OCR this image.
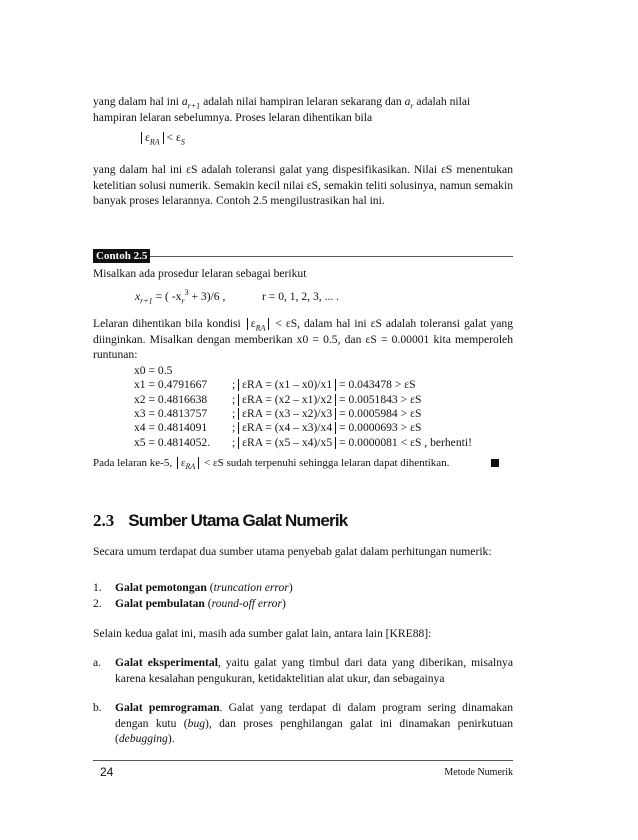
yang dalam hal ini $a_{r+1}$ adalah nilai hampiran lelaran sekarang dan $a_r$ adalah nilai
hampiran lelaran sebelumnya. Proses lelaran dihentikan bila

$\varepsilon_{RA} < \varepsilon_S$

yang dalam hal ini εS adalah toleransi galat yang dispesifikasikan. Nilai εS menentukan ketelitian solusi numerik. Semakin kecil nilai εS, semakin teliti solusinya, namun semakin banyak proses lelarannya. Contoh 2.5 mengilustrasikan hal ini.

Contoh 2.5

Misalkan ada prosedur lelaran sebagai berikut

$x_{r+1}$ = ( $-x_r^3 + 3)/6$ ,	r = 0, 1, 2, 3, ... .
Lelaran dihentikan bila kondisi $\varepsilon_{RA} < \varepsilon S$, dalam hal ini εS adalah toleransi galat yang diinginkan. Misalkan dengan memberikan x0 = 0.5, dan εS = 0.00001 kita memperoleh runtunan:
x0 = 0.5
x1 = 0.4791667 ; εRA = (x1 – x0)/x1 = 0.043478 > εS
x2 = 0.4816638 ; εRA = (x2 – x1)/x2 = 0.0051843 > εS
x3 = 0.4813757 ; εRA = (x3 – x2)/x3 = 0.0005984 > εS
x4 = 0.4814091 ; εRA = (x4 – x3)/x4 = 0.0000693 > εS
x5 = 0.4814052. ; εRA = (x5 – x4)/x5 = 0.0000081 < εS , berhenti!
Pada lelaran ke-5, $\varepsilon_{RA} < \varepsilon S$ sudah terpenuhi sehingga lelaran dapat dihentikan.
2.3 Sumber Utama Galat Numerik

Secara umum terdapat dua sumber utama penyebab galat dalam perhitungan numerik:

1. Galat pemotongan (truncation error)
2. Galat pembulatan (round-off error)

Selain kedua galat ini, masih ada sumber galat lain, antara lain [KRE88]:

a. Galat eksperimental, yaitu galat yang timbul dari data yang diberikan, misalnya karena kesalahan pengukuran, ketidaktelitian alat ukur, dan sebagainya
b. Galat pemrograman. Galat yang terdapat di dalam program sering dinamakan dengan kutu (bug), dan proses penghilangan galat ini dinamakan penirkutuan (debugging).
24	Metode Numerik
